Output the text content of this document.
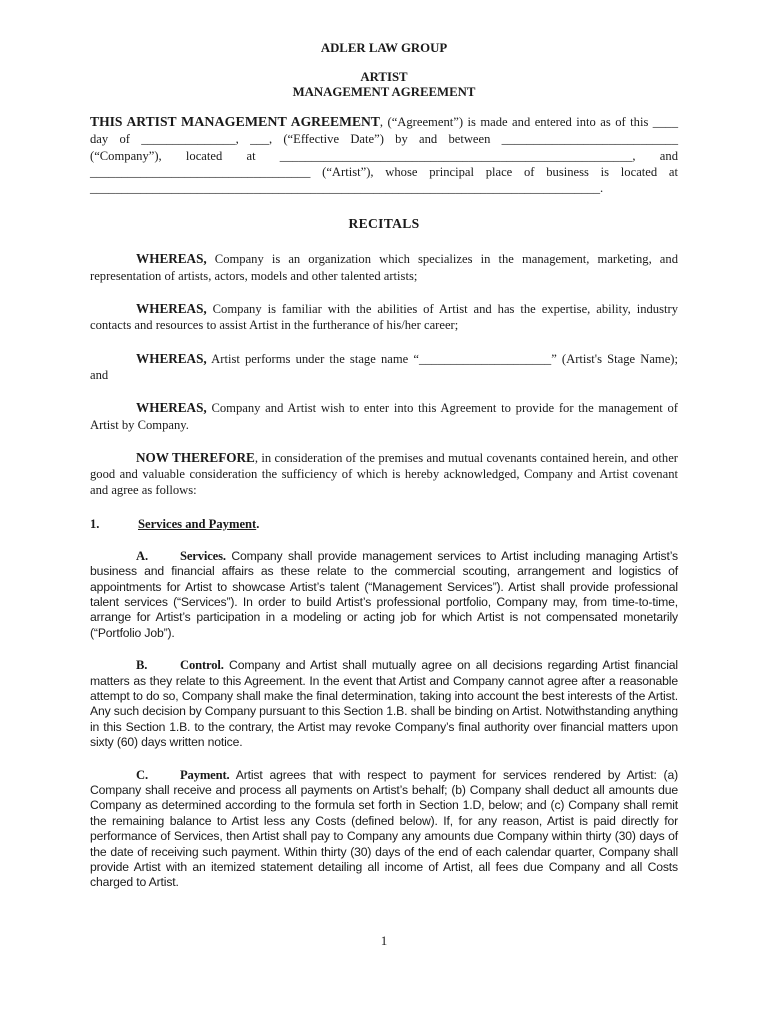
ADLER LAW GROUP

ARTIST
MANAGEMENT AGREEMENT

THIS ARTIST MANAGEMENT AGREEMENT, (“Agreement”) is made and entered into as of this ____ day of _______________, ___, (“Effective Date”) by and between ____________________________ (“Company”), located at ________________________________________________________, and ___________________________________ (“Artist”), whose principal place of business is located at _________________________________________________________________________________.

RECITALS

WHEREAS, Company is an organization which specializes in the management, marketing, and representation of artists, actors, models and other talented artists;

WHEREAS, Company is familiar with the abilities of Artist and has the expertise, ability, industry contacts and resources to assist Artist in the furtherance of his/her career;

WHEREAS, Artist performs under the stage name “_____________________” (Artist's Stage Name); and

WHEREAS, Company and Artist wish to enter into this Agreement to provide for the management of Artist by Company.

NOW THEREFORE, in consideration of the premises and mutual covenants contained herein, and other good and valuable consideration the sufficiency of which is hereby acknowledged, Company and Artist covenant and agree as follows:

1.	Services and Payment.

A.	Services. Company shall provide management services to Artist including managing Artist’s business and financial affairs as these relate to the commercial scouting, arrangement and logistics of appointments for Artist to showcase Artist’s talent (“Management Services”). Artist shall provide professional talent services (“Services”). In order to build Artist’s professional portfolio, Company may, from time-to-time, arrange for Artist’s participation in a modeling or acting job for which Artist is not compensated monetarily (“Portfolio Job”).

B.	Control. Company and Artist shall mutually agree on all decisions regarding Artist financial matters as they relate to this Agreement. In the event that Artist and Company cannot agree after a reasonable attempt to do so, Company shall make the final determination, taking into account the best interests of the Artist. Any such decision by Company pursuant to this Section 1.B. shall be binding on Artist. Notwithstanding anything in this Section 1.B. to the contrary, the Artist may revoke Company’s final authority over financial matters upon sixty (60) days written notice.

C.	Payment. Artist agrees that with respect to payment for services rendered by Artist: (a) Company shall receive and process all payments on Artist’s behalf; (b) Company shall deduct all amounts due Company as determined according to the formula set forth in Section 1.D, below; and (c) Company shall remit the remaining balance to Artist less any Costs (defined below). If, for any reason, Artist is paid directly for performance of Services, then Artist shall pay to Company any amounts due Company within thirty (30) days of the date of receiving such payment. Within thirty (30) days of the end of each calendar quarter, Company shall provide Artist with an itemized statement detailing all income of Artist, all fees due Company and all Costs charged to Artist.

1
